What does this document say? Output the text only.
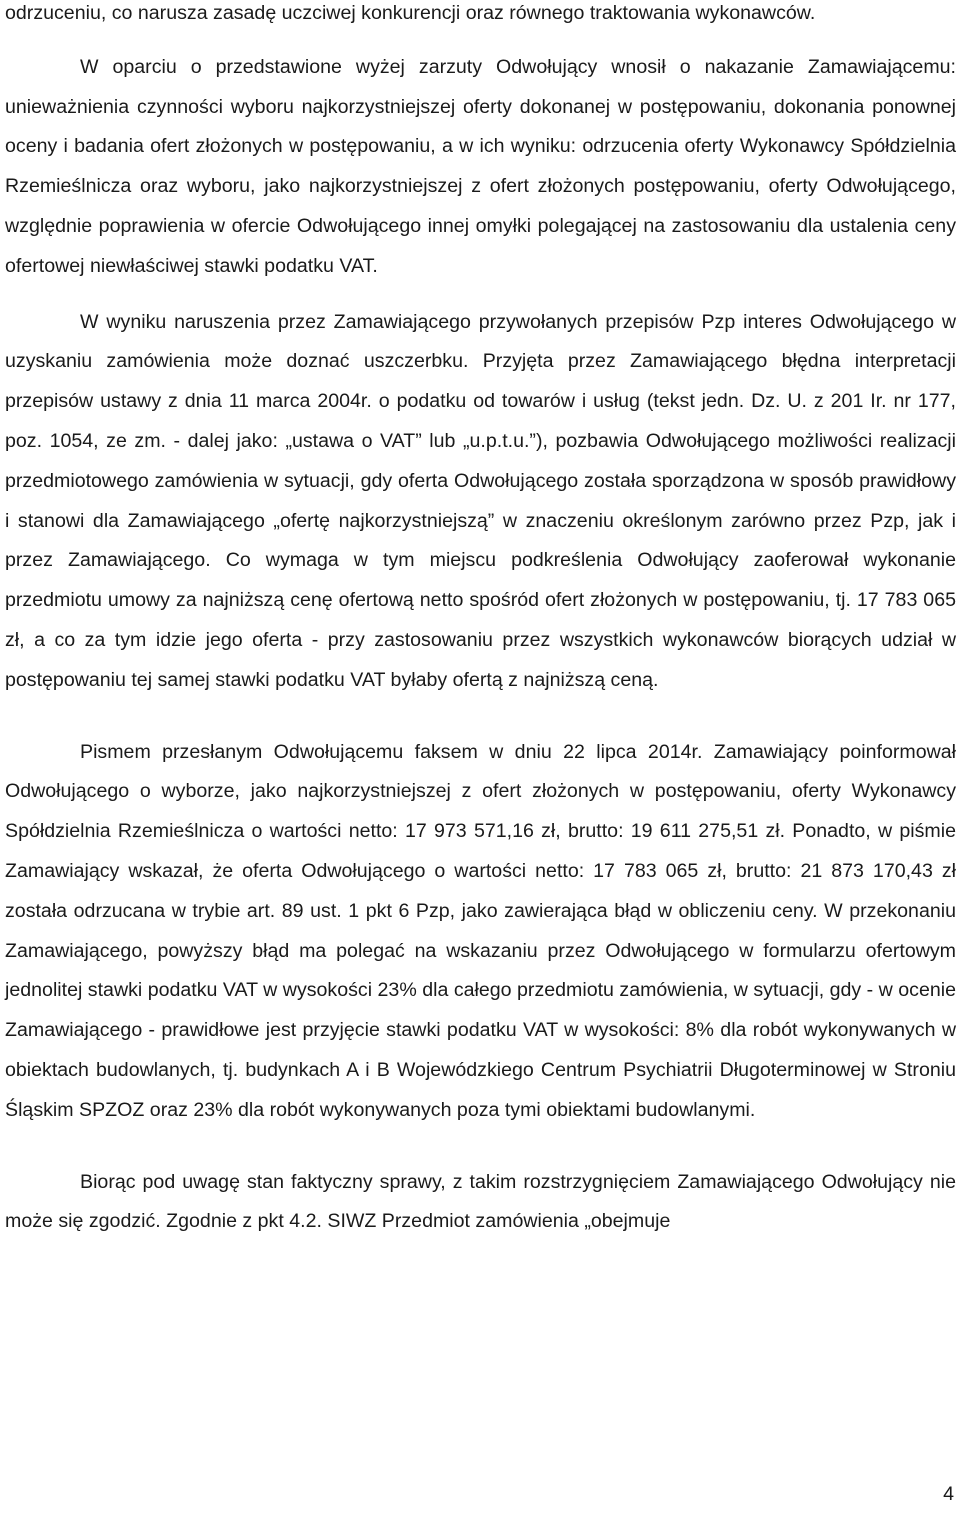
odrzuceniu, co narusza zasadę uczciwej konkurencji oraz równego traktowania wykonawców.

W oparciu o przedstawione wyżej zarzuty Odwołujący wnosił o nakazanie Zamawiającemu: unieważnienia czynności wyboru najkorzystniejszej oferty dokonanej w postępowaniu, dokonania ponownej oceny i badania ofert złożonych w postępowaniu, a w ich wyniku: odrzucenia oferty Wykonawcy Spółdzielnia Rzemieślnicza oraz wyboru, jako najkorzystniejszej z ofert złożonych postępowaniu, oferty Odwołującego, względnie poprawienia w ofercie Odwołującego innej omyłki polegającej na zastosowaniu dla ustalenia ceny ofertowej niewłaściwej stawki podatku VAT.

W wyniku naruszenia przez Zamawiającego przywołanych przepisów Pzp interes Odwołującego w uzyskaniu zamówienia może doznać uszczerbku. Przyjęta przez Zamawiającego błędna interpretacji przepisów ustawy z dnia 11 marca 2004r. o podatku od towarów i usług (tekst jedn. Dz. U. z 201 Ir. nr 177, poz. 1054, ze zm. - dalej jako: „ustawa o VAT” lub „u.p.t.u.”), pozbawia Odwołującego możliwości realizacji przedmiotowego zamówienia w sytuacji, gdy oferta Odwołującego została sporządzona w sposób prawidłowy i stanowi dla Zamawiającego „ofertę najkorzystniejszą” w znaczeniu określonym zarówno przez Pzp, jak i przez Zamawiającego. Co wymaga w tym miejscu podkreślenia Odwołujący zaoferował wykonanie przedmiotu umowy za najniższą cenę ofertową netto spośród ofert złożonych w postępowaniu, tj. 17 783 065 zł, a co za tym idzie jego oferta - przy zastosowaniu przez wszystkich wykonawców biorących udział w postępowaniu tej samej stawki podatku VAT byłaby ofertą z najniższą ceną.

Pismem przesłanym Odwołującemu faksem w dniu 22 lipca 2014r. Zamawiający poinformował Odwołującego o wyborze, jako najkorzystniejszej z ofert złożonych w postępowaniu, oferty Wykonawcy Spółdzielnia Rzemieślnicza o wartości netto: 17 973 571,16 zł, brutto: 19 611 275,51 zł. Ponadto, w piśmie Zamawiający wskazał, że oferta Odwołującego o wartości netto: 17 783 065 zł, brutto: 21 873 170,43 zł została odrzucana w trybie art. 89 ust. 1 pkt 6 Pzp, jako zawierająca błąd w obliczeniu ceny. W przekonaniu Zamawiającego, powyższy błąd ma polegać na wskazaniu przez Odwołującego w formularzu ofertowym jednolitej stawki podatku VAT w wysokości 23% dla całego przedmiotu zamówienia, w sytuacji, gdy - w ocenie Zamawiającego - prawidłowe jest przyjęcie stawki podatku VAT w wysokości: 8% dla robót wykonywanych w obiektach budowlanych, tj. budynkach A i B Wojewódzkiego Centrum Psychiatrii Długoterminowej w Stroniu Śląskim SPZOZ oraz 23% dla robót wykonywanych poza tymi obiektami budowlanymi.

Biorąc pod uwagę stan faktyczny sprawy, z takim rozstrzygnięciem Zamawiającego Odwołujący nie może się zgodzić. Zgodnie z pkt 4.2. SIWZ Przedmiot zamówienia „obejmuje

4
